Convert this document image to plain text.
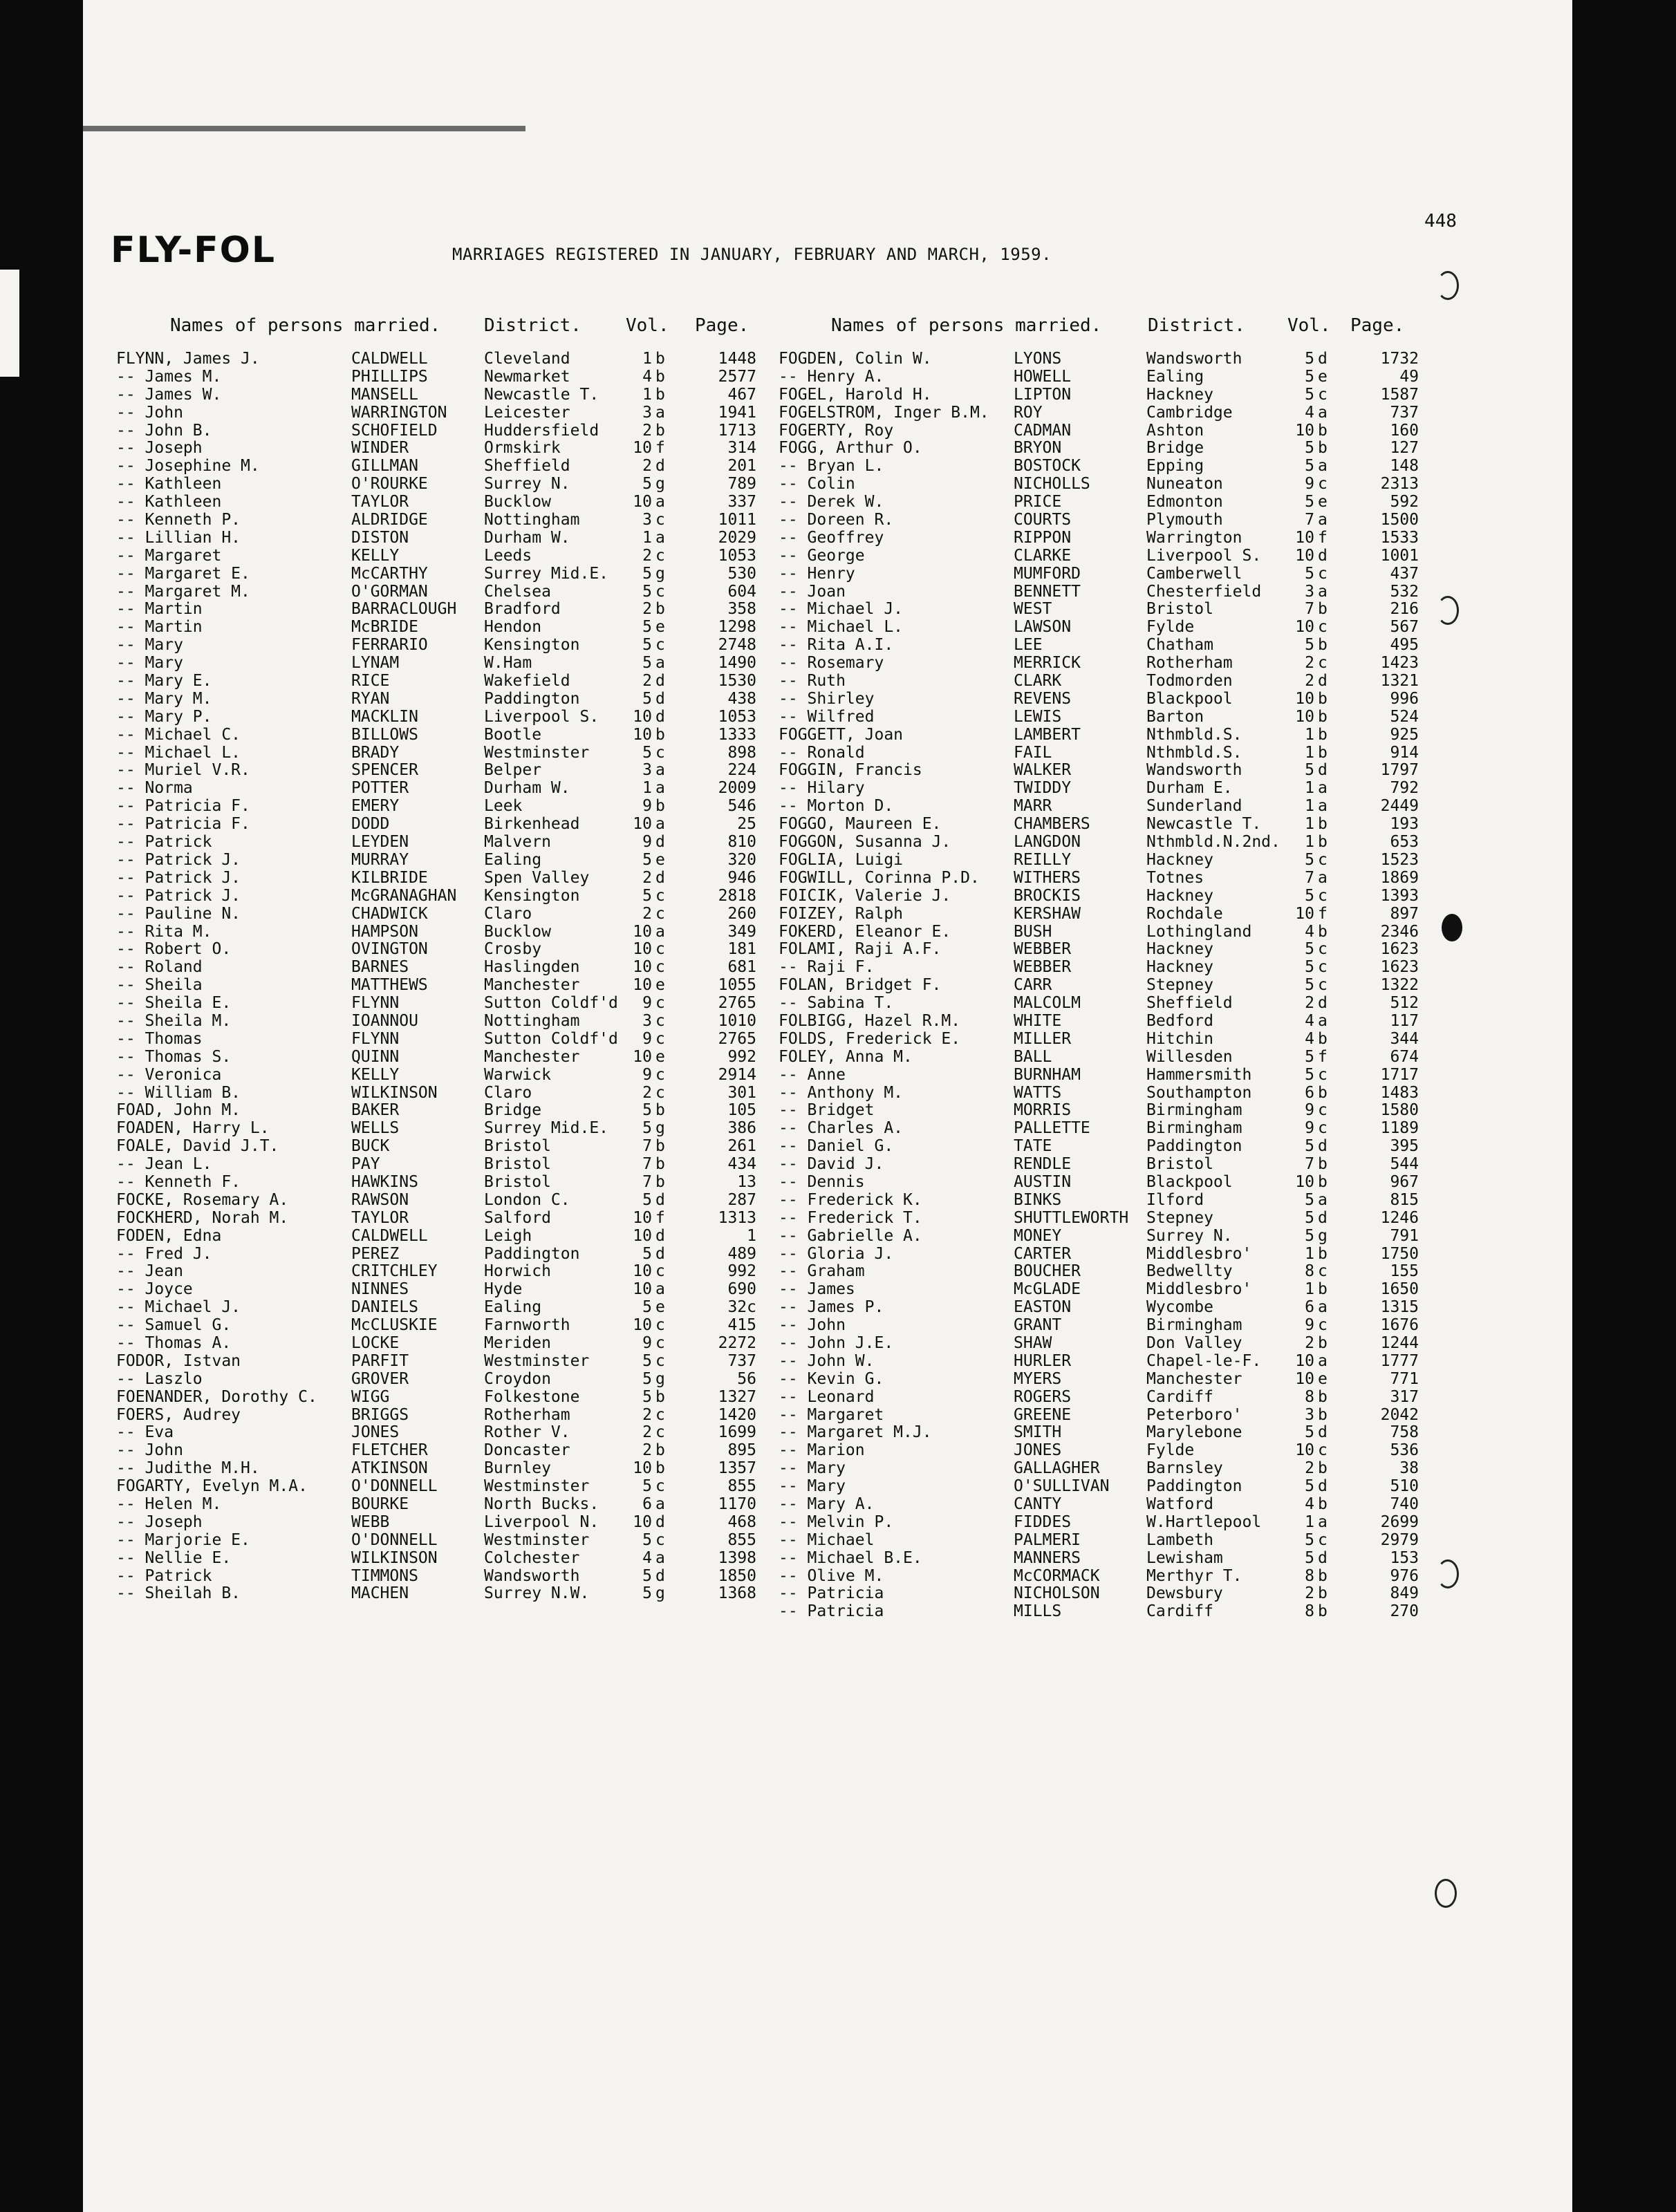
448
FLY-FOL	MARRIAGES REGISTERED IN JANUARY, FEBRUARY AND MARCH, 1959.
Names of persons married. District. Vol. Page.	Names of persons married.	District. Vol. Page.
FLYNN, James J.	CALDWELL	Cleveland	1 b	1448
-- James M.	PHILLIPS	Newmarket	4 b	2577
-- James W.	MANSELL	Newcastle T.	1 b	467
-- John	WARRINGTON Leicester	3 a	1941
-- John B.	SCHOFIELD	Huddersfield	2 b	1713
-- Joseph	WINDER	Ormskirk	10 f	314
-- Josephine M.	GILLMAN	Sheffield	2 d	201
-- Kathleen	O'ROURKE	Surrey N.	5 g	789
-- Kathleen	TAYLOR	Bucklow	10 a	337
-- Kenneth P.	ALDRIDGE	Nottingham	3 c	1011
-- Lillian H.	DISTON	Durham W.	1 a	2029
-- Margaret	KELLY	Leeds	2 c	1053
-- Margaret E.	McCARTHY	Surrey Mid.E.	5 g	530
-- Margaret M.	O'GORMAN	Chelsea	5 c	604
-- Martin	BARRACLOUGH Bradford	2 b	358
-- Martin	McBRIDE	Hendon	5 e	1298
-- Mary	FERRARIO	Kensington	5 c	2748
-- Mary	LYNAM	W.Ham	5 a	1490
-- Mary E.	RICE	Wakefield	2 d	1530
-- Mary M.	RYAN	Paddington	5 d	438
-- Mary P.	MACKLIN	Liverpool S.	10 d	1053
-- Michael C.	BILLOWS	Bootle	10 b	1333
-- Michael L.	BRADY	Westminster	5 c	898
-- Muriel V.R.	SPENCER	Belper	3 a	224
-- Norma	POTTER	Durham W.	1 a	2009
-- Patricia F.	EMERY	Leek	9 b	546
-- Patricia F.	DODD	Birkenhead	10 a	25
-- Patrick	LEYDEN	Malvern	9 d	810
-- Patrick J.	MURRAY	Ealing	5 e	320
-- Patrick J.	KILBRIDE	Spen Valley	2 d	946
-- Patrick J.	McGRANAGHAN Kensington	5 c	2818
-- Pauline N.	CHADWICK	Claro	2 c	260
-- Rita M.	HAMPSON	Bucklow	10 a	349
-- Robert O.	OVINGTON	Crosby	10 c	181
-- Roland	BARNES	Haslingden	10 c	681
-- Sheila	MATTHEWS	Manchester	10 e	1055
-- Sheila E.	FLYNN	Sutton Coldf'd	9 c	2765
-- Sheila M.	IOANNOU	Nottingham	3 c	1010
-- Thomas	FLYNN	Sutton Coldf'd	9 c	2765
-- Thomas S.	QUINN	Manchester	10 e	992
-- Veronica	KELLY	Warwick	9 c	2914
-- William B.	WILKINSON	Claro	2 c	301
FOAD, John M.	BAKER	Bridge	5 b	105
FOADEN, Harry L.	WELLS	Surrey Mid.E.	5 g	386
FOALE, David J.T.	BUCK	Bristol	7 b	261
-- Jean L.	PAY	Bristol	7 b	434
-- Kenneth F.	HAWKINS	Bristol	7 b	13
FOCKE, Rosemary A.	RAWSON	London C.	5 d	287
FOCKHERD, Norah M.	TAYLOR	Salford	10 f	1313
FODEN, Edna	CALDWELL	Leigh	10 d	1
-- Fred J.	PEREZ	Paddington	5 d	489
-- Jean	CRITCHLEY	Horwich	10 c	992
-- Joyce	NINNES	Hyde	10 a	690
-- Michael J.	DANIELS	Ealing	5 e	32c
-- Samuel G.	McCLUSKIE	Farnworth	10 c	415
-- Thomas A.	LOCKE	Meriden	9 c	2272
FODOR, Istvan	PARFIT	Westminster	5 c	737
-- Laszlo	GROVER	Croydon	5 g	56
FOENANDER, Dorothy C. WIGG	Folkestone	5 b	1327
FOERS, Audrey	BRIGGS	Rotherham	2 c	1420
-- Eva	JONES	Rother V.	2 c	1699
-- John	FLETCHER	Doncaster	2 b	895
-- Judithe M.H.	ATKINSON	Burnley	10 b	1357
FOGARTY, Evelyn M.A.	O'DONNELL	Westminster	5 c	855
-- Helen M.	BOURKE	North Bucks.	6 a	1170
-- Joseph	WEBB	Liverpool N.	10 d	468
-- Marjorie E.	O'DONNELL	Westminster	5 c	855
-- Nellie E.	WILKINSON	Colchester	4 a	1398
-- Patrick	TIMMONS	Wandsworth	5 d	1850
-- Sheilah B.	MACHEN	Surrey N.W.	5 g	1368
FOGDEN, Colin W.	LYONS	Wandsworth	5 d	1732
-- Henry A.	HOWELL	Ealing	5 e	49
FOGEL, Harold H.	LIPTON	Hackney	5 c	1587
FOGELSTROM, Inger B.M. ROY	Cambridge	4 a	737
FOGERTY, Roy	CADMAN	Ashton	10 b	160
FOGG, Arthur O.	BRYON	Bridge	5 b	127
-- Bryan L.	BOSTOCK	Epping	5 a	148
-- Colin	NICHOLLS	Nuneaton	9 c	2313
-- Derek W.	PRICE	Edmonton	5 e	592
-- Doreen R.	COURTS	Plymouth	7 a	1500
-- Geoffrey	RIPPON	Warrington	10 f	1533
-- George	CLARKE	Liverpool S.	10 d	1001
-- Henry	MUMFORD	Camberwell	5 c	437
-- Joan	BENNETT	Chesterfield	3 a	532
-- Michael J.	WEST	Bristol	7 b	216
-- Michael L.	LAWSON	Fylde	10 c	567
-- Rita A.I.	LEE	Chatham	5 b	495
-- Rosemary	MERRICK	Rotherham	2 c	1423
-- Ruth	CLARK	Todmorden	2 d	1321
-- Shirley	REVENS	Blackpool	10 b	996
-- Wilfred	LEWIS	Barton	10 b	524
FOGGETT, Joan	LAMBERT	Nthmbld.S.	1 b	925
-- Ronald	FAIL	Nthmbld.S.	1 b	914
FOGGIN, Francis	WALKER	Wandsworth	5 d	1797
-- Hilary	TWIDDY	Durham E.	1 a	792
-- Morton D.	MARR	Sunderland	1 a	2449
FOGGO, Maureen E.	CHAMBERS	Newcastle T.	1 b	193
FOGGON, Susanna J.	LANGDON	Nthmbld.N.2nd.	1 b	653
FOGLIA, Luigi	REILLY	Hackney	5 c	1523
FOGWILL, Corinna P.D. WITHERS	Totnes	7 a	1869
FOICIK, Valerie J.	BROCKIS	Hackney	5 c	1393
FOIZEY, Ralph	KERSHAW	Rochdale	10 f	897
FOKERD, Eleanor E.	BUSH	Lothingland	4 b	2346
FOLAMI, Raji A.F.	WEBBER	Hackney	5 c	1623
-- Raji F.	WEBBER	Hackney	5 c	1623
FOLAN, Bridget F.	CARR	Stepney	5 c	1322
-- Sabina T.	MALCOLM	Sheffield	2 d	512
FOLBIGG, Hazel R.M.	WHITE	Bedford	4 a	117
FOLDS, Frederick E.	MILLER	Hitchin	4 b	344
FOLEY, Anna M.	BALL	Willesden	5 f	674
-- Anne	BURNHAM	Hammersmith	5 c	1717
-- Anthony M.	WATTS	Southampton	6 b	1483
-- Bridget	MORRIS	Birmingham	9 c	1580
-- Charles A.	PALLETTE	Birmingham	9 c	1189
-- Daniel G.	TATE	Paddington	5 d	395
-- David J.	RENDLE	Bristol	7 b	544
-- Dennis	AUSTIN	Blackpool	10 b	967
-- Frederick K.	BINKS	Ilford	5 a	815
-- Frederick T.	SHUTTLEWORTH Stepney	5 d	1246
-- Gabrielle A.	MONEY	Surrey N.	5 g	791
-- Gloria J.	CARTER	Middlesbro'	1 b	1750
-- Graham	BOUCHER	Bedwellty	8 c	155
-- James	McGLADE	Middlesbro'	1 b	1650
-- James P.	EASTON	Wycombe	6 a	1315
-- John	GRANT	Birmingham	9 c	1676
-- John J.E.	SHAW	Don Valley	2 b	1244
-- John W.	HURLER	Chapel-le-F.	10 a	1777
-- Kevin G.	MYERS	Manchester	10 e	771
-- Leonard	ROGERS	Cardiff	8 b	317
-- Margaret	GREENE	Peterboro'	3 b	2042
-- Margaret M.J.	SMITH	Marylebone	5 d	758
-- Marion	JONES	Fylde	10 c	536
-- Mary	GALLAGHER	Barnsley	2 b	38
-- Mary	O'SULLIVAN Paddington	5 d	510
-- Mary A.	CANTY	Watford	4 b	740
-- Melvin P.	FIDDES	W.Hartlepool	1 a	2699
-- Michael	PALMERI	Lambeth	5 c	2979
-- Michael B.E.	MANNERS	Lewisham	5 d	153
-- Olive M.	McCORMACK	Merthyr T.	8 b	976
-- Patricia	NICHOLSON	Dewsbury	2 b	849
-- Patricia	MILLS	Cardiff	8 b	270
